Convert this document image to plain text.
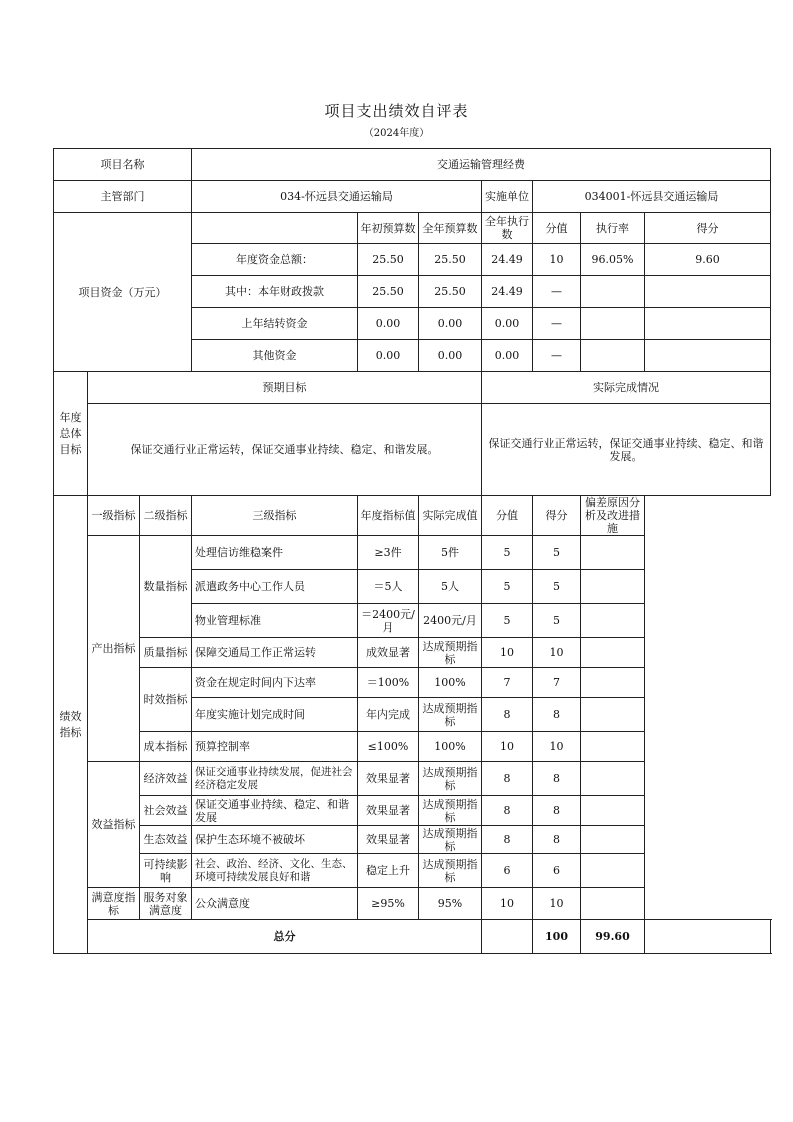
项目支出绩效自评表
（2024年度）
项目名称			交通运输管理经费						
主管部门			034-怀远县交通运输局			实施单位	034001-怀远县交通运输局		
项目资金（万元）				年初预算数	全年预算数	全年执行数	分值	执行率	得分
			年度资金总额：	25.50	25.50	24.49	10	96.05%	9.60
			其中：本年财政拨款	25.50	25.50	24.49	—		
			上年结转资金	0.00	0.00	0.00	—		
			其他资金	0.00	0.00	0.00	—		
年度总体目标	预期目标					实际完成情况			
	保证交通行业正常运转，保证交通事业持续、稳定、和谐发展。					保证交通行业正常运转，保证交通事业持续、稳定、和谐发展。			
绩效指标	一级指标	二级指标	三级指标	年度指标值	实际完成值	分值	得分	偏差原因分析及改进措施	
	产出指标	数量指标	处理信访维稳案件	≥3件	5件	5	5		
			派遣政务中心工作人员	＝5人	5人	5	5		
			物业管理标准	＝2400元/月	2400元/月	5	5		
		质量指标	保障交通局工作正常运转	成效显著	达成预期指标	10	10		
		时效指标	资金在规定时间内下达率	＝100%	100%	7	7		
			年度实施计划完成时间	年内完成	达成预期指标	8	8		
		成本指标	预算控制率	≤100%	100%	10	10		
	效益指标	经济效益	保证交通事业持续发展，促进社会经济稳定发展	效果显著	达成预期指标	8	8		
		社会效益	保证交通事业持续、稳定、和谐发展	效果显著	达成预期指标	8	8		
		生态效益	保护生态环境不被破坏	效果显著	达成预期指标	8	8		
		可持续影响	社会、政治、经济、文化、生态、环境可持续发展良好和谐	稳定上升	达成预期指标	6	6		
	满意度指标	服务对象满意度	公众满意度	≥95%	95%	10	10		
	总分						100	99.60	
